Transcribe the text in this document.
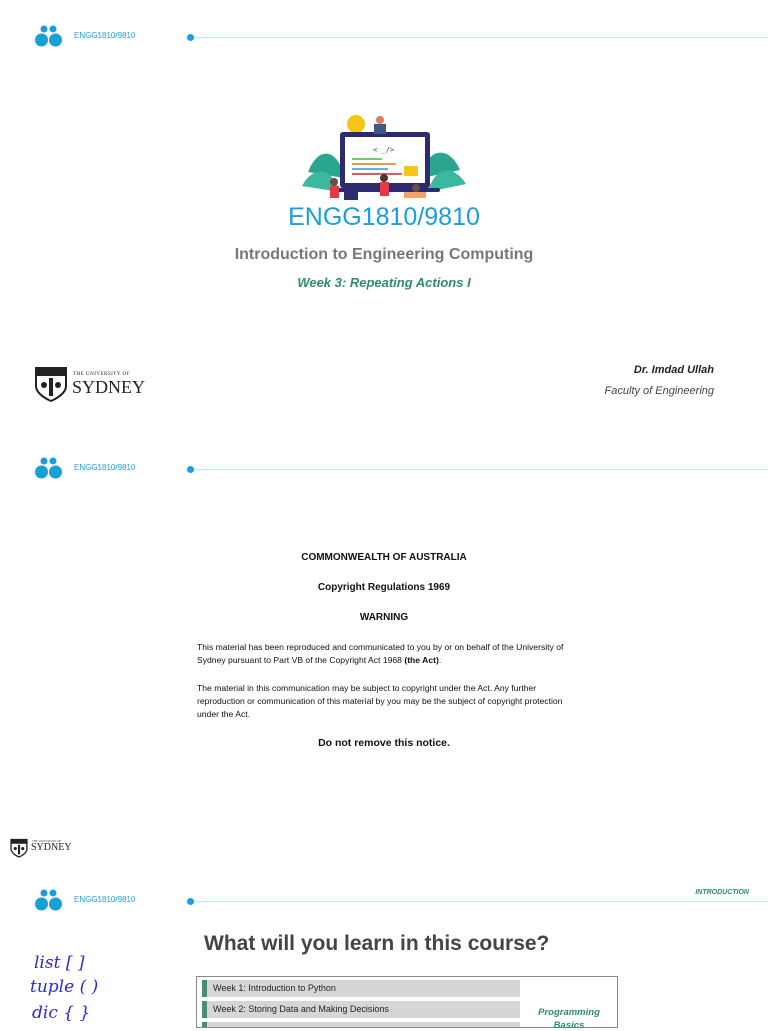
ENGG1810/9810
< _/>
ENGG1810/9810
Introduction to Engineering Computing
Week 3: Repeating Actions I
THE UNIVERSITY OF
SYDNEY
Dr. Imdad Ullah
Faculty of Engineering
ENGG1810/9810
COMMONWEALTH OF AUSTRALIA
Copyright Regulations 1969
WARNING
This material has been reproduced and communicated to you by or on behalf of the University of Sydney pursuant to Part VB of the Copyright Act 1968 (the Act).
The material in this communication may be subject to copyright under the Act. Any further reproduction or communication of this material by you may be the subject of copyright protection under the Act.
Do not remove this notice.
THE UNIVERSITY OF
SYDNEY
ENGG1810/9810
INTRODUCTION
What will you learn in this course?
Week 1: Introduction to Python
Week 2: Storing Data and Making Decisions	Programming
Basics
list [ ]
tuple ( )
dic { }
